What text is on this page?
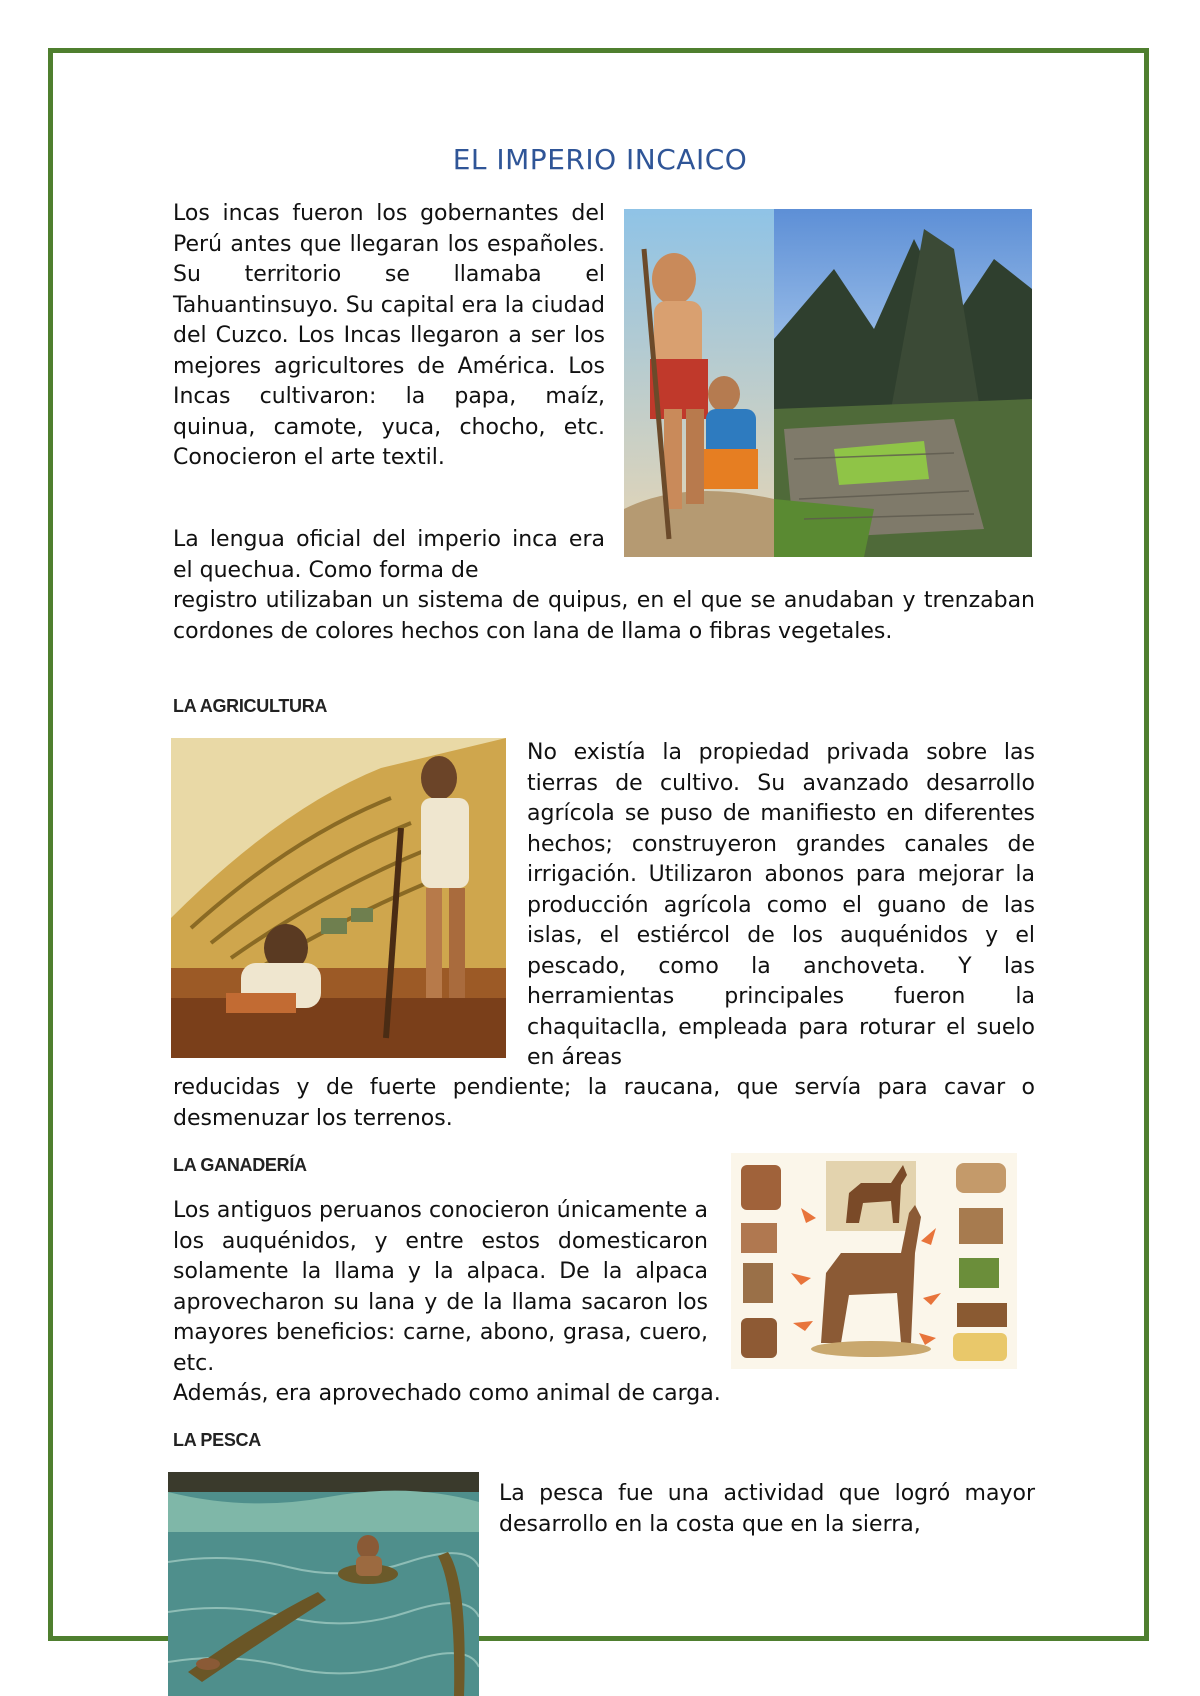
EL IMPERIO INCAICO

Los incas fueron los gobernantes del Perú antes que llegaran los españoles. Su territorio se llamaba el Tahuantinsuyo. Su capital era la ciudad del Cuzco. Los Incas llegaron a ser los mejores agricultores de América. Los Incas cultivaron: la papa, maíz, quinua, camote, yuca, chocho, etc. Conocieron el arte textil.

La lengua oficial del imperio inca era el quechua. Como forma de

registro utilizaban un sistema de quipus, en el que se anudaban y trenzaban cordones de colores hechos con lana de llama o fibras vegetales.

LA AGRICULTURA

No existía la propiedad privada sobre las tierras de cultivo. Su avanzado desarrollo agrícola se puso de manifiesto en diferentes hechos; construyeron grandes canales de irrigación. Utilizaron abonos para mejorar la producción agrícola como el guano de las islas, el estiércol de los auquénidos y el pescado, como la anchoveta. Y las herramientas principales fueron la chaquitaclla, empleada para roturar el suelo en áreas

reducidas y de fuerte pendiente; la raucana, que servía para cavar o desmenuzar los terrenos.

LA GANADERÍA

Los antiguos peruanos conocieron únicamente a los auquénidos, y entre estos domesticaron solamente la llama y la alpaca. De la alpaca aprovecharon su lana y de la llama sacaron los mayores beneficios: carne, abono, grasa, cuero, etc.

Además, era aprovechado como animal de carga.

LA PESCA

La pesca fue una actividad que logró mayor desarrollo en la costa que en la sierra,
